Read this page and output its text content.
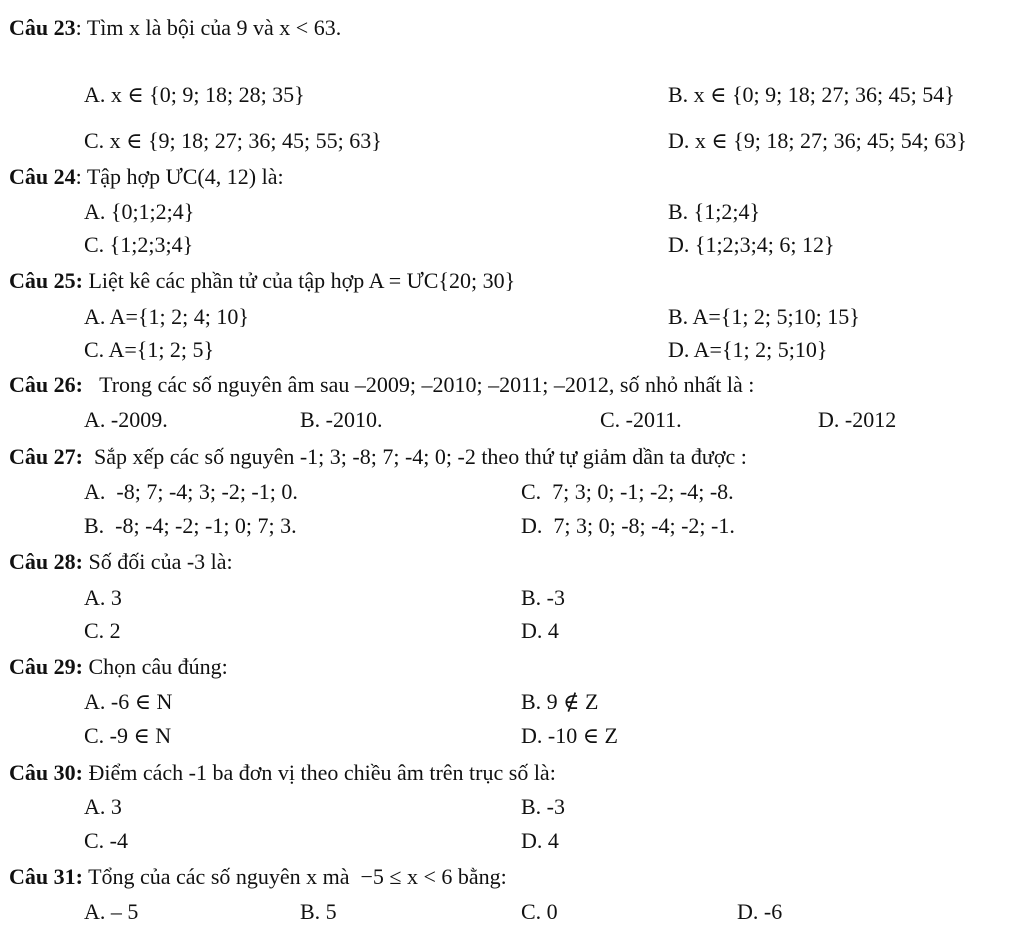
Câu 23: Tìm x là bội của 9 và x < 63.
A. x ∈ {0; 9; 18; 28; 35}	B. x ∈ {0; 9; 18; 27; 36; 45; 54}
C. x ∈ {9; 18; 27; 36; 45; 55; 63}	D. x ∈ {9; 18; 27; 36; 45; 54; 63}
Câu 24: Tập hợp ƯC(4, 12) là:
A. {0;1;2;4}	B. {1;2;4}
C. {1;2;3;4}	D. {1;2;3;4; 6; 12}
Câu 25: Liệt kê các phần tử của tập hợp A = ƯC{20; 30}
A. A={1; 2; 4; 10}	B. A={1; 2; 5;10; 15}
C. A={1; 2; 5}	D. A={1; 2; 5;10}
Câu 26: Trong các số nguyên âm sau –2009; –2010; –2011; –2012, số nhỏ nhất là :
A. -2009.	B. -2010.	C. -2011.	D. -2012
Câu 27: Sắp xếp các số nguyên -1; 3; -8; 7; -4; 0; -2 theo thứ tự giảm dần ta được :
A.  -8; 7; -4; 3; -2; -1; 0.	C.  7; 3; 0; -1; -2; -4; -8.
B.  -8; -4; -2; -1; 0; 7; 3.	D.  7; 3; 0; -8; -4; -2; -1.
Câu 28: Số đối của -3 là:
A. 3	B. -3
C. 2	D. 4
Câu 29: Chọn câu đúng:
A. -6 ∈ N	B. 9 ∉ Z
C. -9 ∈ N	D. -10 ∈ Z
Câu 30: Điểm cách -1 ba đơn vị theo chiều âm trên trục số là:
A. 3	B. -3
C. -4	D. 4
Câu 31: Tổng của các số nguyên x mà  −5 ≤ x < 6 bằng:
A. – 5	B. 5	C. 0	D. -6
